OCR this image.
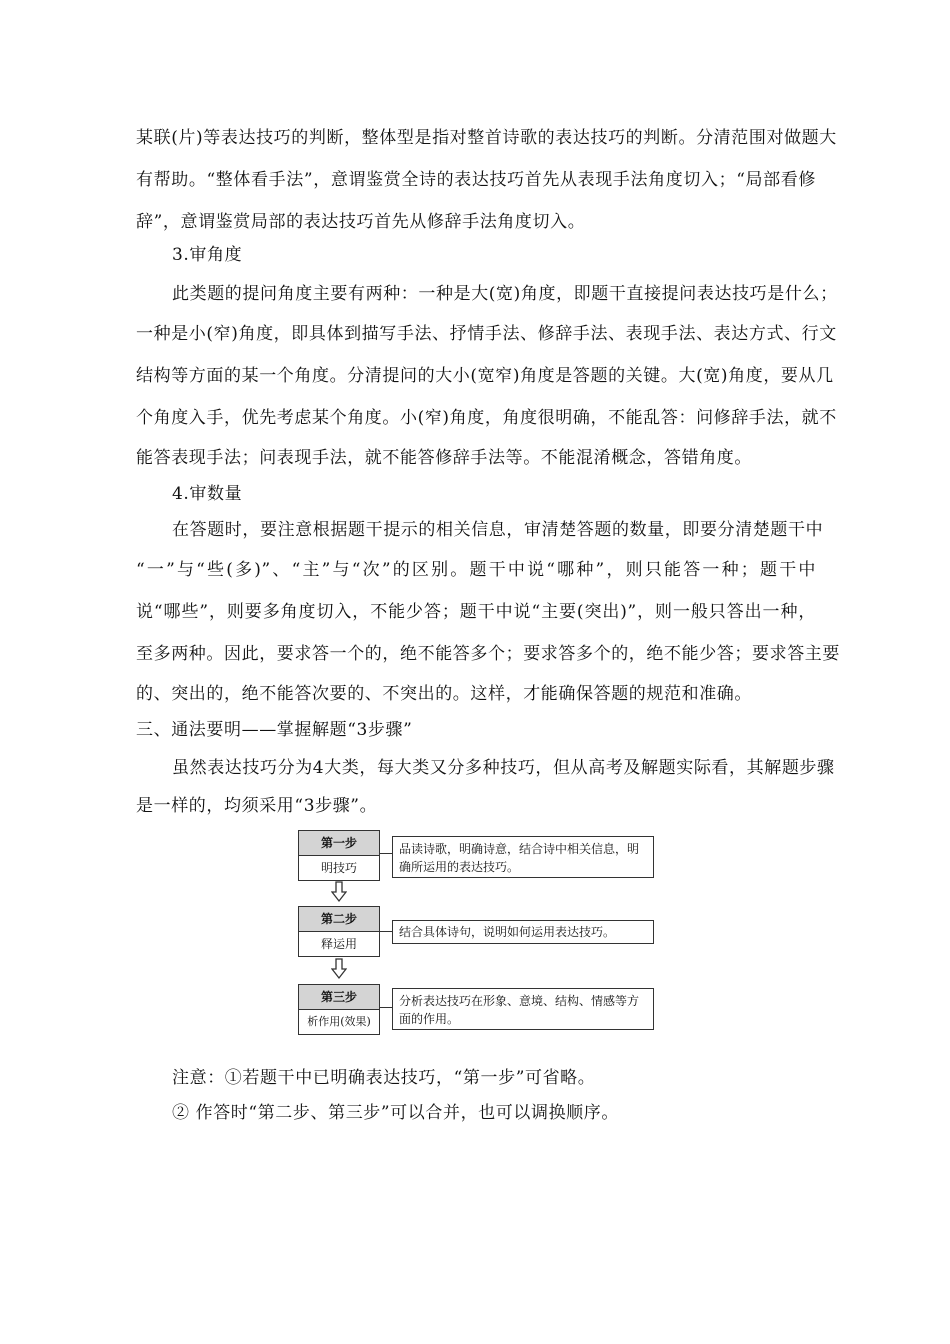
某联(片)等表达技巧的判断，整体型是指对整首诗歌的表达技巧的判断。分清范围对做题大
有帮助。“整体看手法”，意谓鉴赏全诗的表达技巧首先从表现手法角度切入；“局部看修
辞”，意谓鉴赏局部的表达技巧首先从修辞手法角度切入。
3.审角度
此类题的提问角度主要有两种：一种是大(宽)角度，即题干直接提问表达技巧是什么；
一种是小(窄)角度，即具体到描写手法、抒情手法、修辞手法、表现手法、表达方式、行文
结构等方面的某一个角度。分清提问的大小(宽窄)角度是答题的关键。大(宽)角度，要从几
个角度入手，优先考虑某个角度。小(窄)角度，角度很明确，不能乱答：问修辞手法，就不
能答表现手法；问表现手法，就不能答修辞手法等。不能混淆概念，答错角度。
4.审数量
在答题时，要注意根据题干提示的相关信息，审清楚答题的数量，即要分清楚题干中
“一”与“些(多)”、“主”与“次”的区别。题干中说“哪种”，则只能答一种；题干中
说“哪些”，则要多角度切入，不能少答；题干中说“主要(突出)”，则一般只答出一种，
至多两种。因此，要求答一个的，绝不能答多个；要求答多个的，绝不能少答；要求答主要
的、突出的，绝不能答次要的、不突出的。这样，才能确保答题的规范和准确。
三、通法要明——掌握解题“3步骤”
虽然表达技巧分为4大类，每大类又分多种技巧，但从高考及解题实际看，其解题步骤
是一样的，均须采用“3步骤”。
第一步
明技巧
品读诗歌，明确诗意，结合诗中相关信息，明确所运用的表达技巧。
第二步
释运用
结合具体诗句，说明如何运用表达技巧。
第三步
析作用(效果)
分析表达技巧在形象、意境、结构、情感等方面的作用。
注意：①若题干中已明确表达技巧，“第一步”可省略。
② 作答时“第二步、第三步”可以合并，也可以调换顺序。
